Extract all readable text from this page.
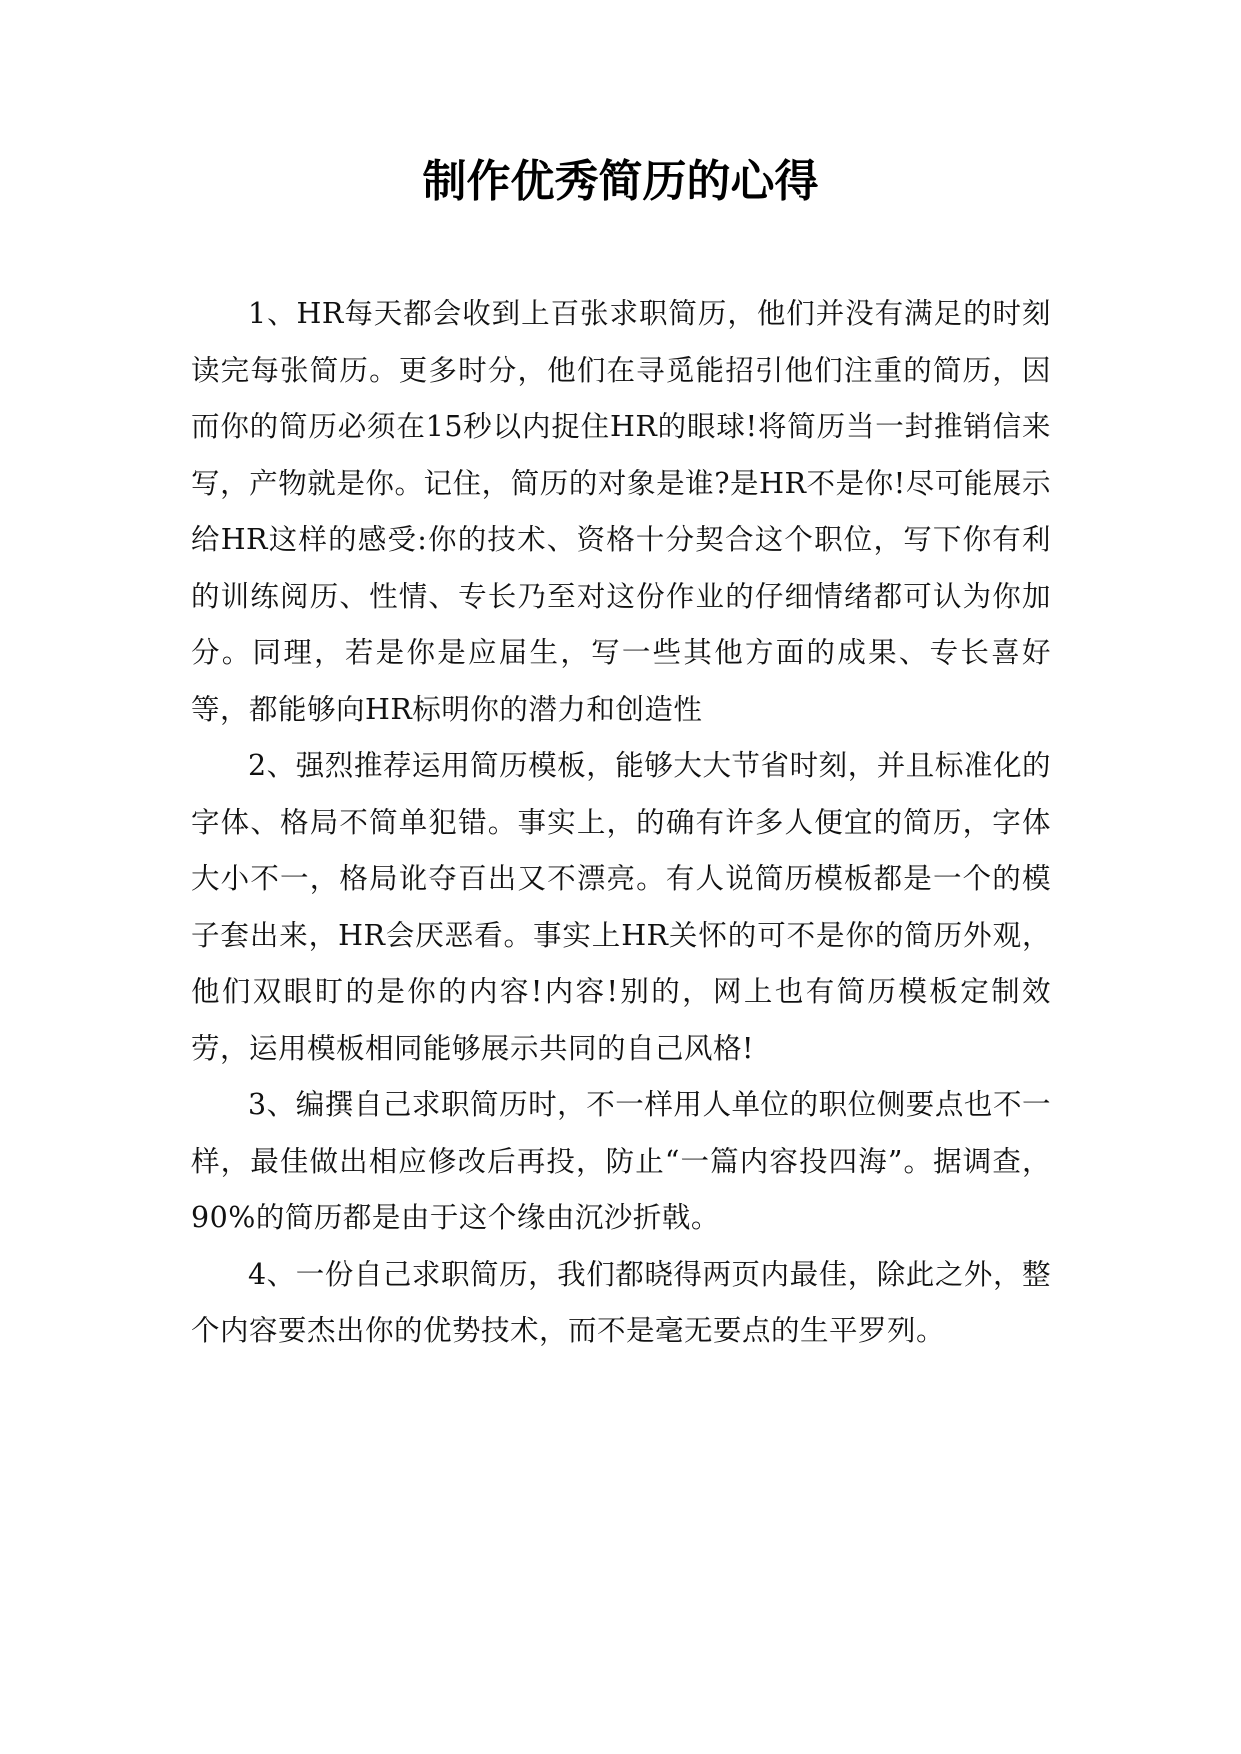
制作优秀简历的心得

1、HR每天都会收到上百张求职简历，他们并没有满足的时刻读完每张简历。更多时分，他们在寻觅能招引他们注重的简历，因而你的简历必须在15秒以内捉住HR的眼球!将简历当一封推销信来写，产物就是你。记住，简历的对象是谁?是HR不是你!尽可能展示给HR这样的感受:你的技术、资格十分契合这个职位，写下你有利的训练阅历、性情、专长乃至对这份作业的仔细情绪都可认为你加分。同理，若是你是应届生，写一些其他方面的成果、专长喜好等，都能够向HR标明你的潜力和创造性

2、强烈推荐运用简历模板，能够大大节省时刻，并且标准化的字体、格局不简单犯错。事实上，的确有许多人便宜的简历，字体大小不一，格局讹夺百出又不漂亮。有人说简历模板都是一个的模子套出来，HR会厌恶看。事实上HR关怀的可不是你的简历外观，他们双眼盯的是你的内容!内容!别的，网上也有简历模板定制效劳，运用模板相同能够展示共同的自己风格!

3、编撰自己求职简历时，不一样用人单位的职位侧要点也不一样，最佳做出相应修改后再投，防止“一篇内容投四海”。据调查，90%的简历都是由于这个缘由沉沙折戟。

4、一份自己求职简历，我们都晓得两页内最佳，除此之外，整个内容要杰出你的优势技术，而不是毫无要点的生平罗列。
